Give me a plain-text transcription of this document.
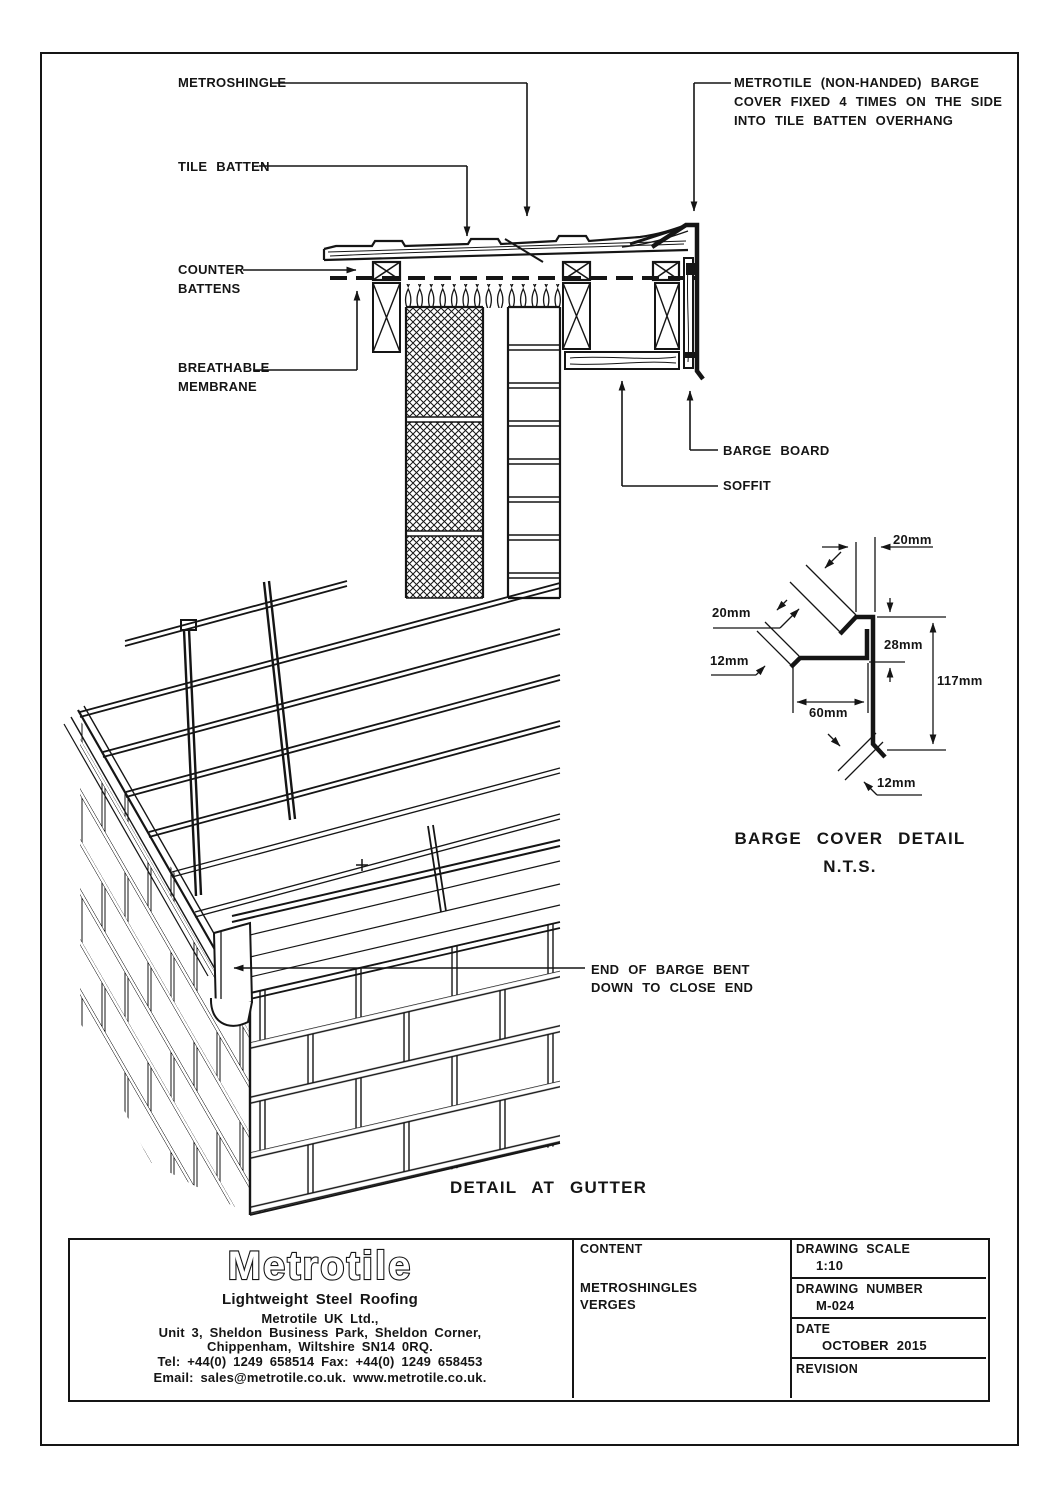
METROSHINGLE	METROTILE (NON-HANDED) BARGE
COVER FIXED 4 TIMES ON THE SIDE
INTO TILE BATTEN OVERHANG
TILE BATTEN
COUNTER
BATTENS
BREATHABLE
MEMBRANE
BARGE BOARD
SOFFIT
20mm
20mm
12mm
28mm
117mm
60mm
12mm
BARGE COVER DETAIL
N.T.S.
END OF BARGE BENT
DOWN TO CLOSE END
DETAIL AT GUTTER
Metrotile
Lightweight Steel Roofing
Metrotile UK Ltd.,
Unit 3, Sheldon Business Park, Sheldon Corner,
Chippenham, Wiltshire SN14 0RQ.
Tel: +44(0) 1249 658514 Fax: +44(0) 1249 658453
Email: sales@metrotile.co.uk. www.metrotile.co.uk.
CONTENT
METROSHINGLES
VERGES
DRAWING SCALE
1:10
DRAWING NUMBER
M-024
DATE
OCTOBER 2015
REVISION
